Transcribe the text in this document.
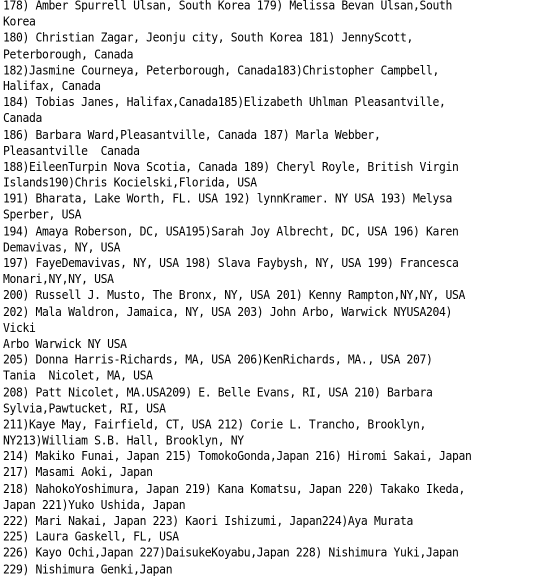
178) Amber Spurrell Ulsan, South Korea 179) Melissa Bevan Ulsan,South
Korea
180) Christian Zagar, Jeonju city, South Korea 181) JennyScott,
Peterborough, Canada
182)Jasmine Courneya, Peterborough, Canada183)Christopher Campbell,
Halifax, Canada
184) Tobias Janes, Halifax,Canada185)Elizabeth Uhlman Pleasantville,
Canada
186) Barbara Ward,Pleasantville, Canada 187) Marla Webber,
Pleasantville  Canada
188)EileenTurpin Nova Scotia, Canada 189) Cheryl Royle, British Virgin
Islands190)Chris Kocielski,Florida, USA
191) Bharata, Lake Worth, FL. USA 192) lynnKramer. NY USA 193) Melysa
Sperber, USA
194) Amaya Roberson, DC, USA195)Sarah Joy Albrecht, DC, USA 196) Karen
Demavivas, NY, USA
197) FayeDemavivas, NY, USA 198) Slava Faybysh, NY, USA 199) Francesca
Monari,NY,NY, USA
200) Russell J. Musto, The Bronx, NY, USA 201) Kenny Rampton,NY,NY, USA
202) Mala Waldron, Jamaica, NY, USA 203) John Arbo, Warwick NYUSA204)
Vicki
Arbo Warwick NY USA
205) Donna Harris-Richards, MA, USA 206)KenRichards, MA., USA 207)
Tania  Nicolet, MA, USA
208) Patt Nicolet, MA.USA209) E. Belle Evans, RI, USA 210) Barbara
Sylvia,Pawtucket, RI, USA
211)Kaye May, Fairfield, CT, USA 212) Corie L. Trancho, Brooklyn,
NY213)William S.B. Hall, Brooklyn, NY
214) Makiko Funai, Japan 215) TomokoGonda,Japan 216) Hiromi Sakai, Japan
217) Masami Aoki, Japan
218) NahokoYoshimura, Japan 219) Kana Komatsu, Japan 220) Takako Ikeda,
Japan 221)Yuko Ushida, Japan
222) Mari Nakai, Japan 223) Kaori Ishizumi, Japan224)Aya Murata
225) Laura Gaskell, FL, USA
226) Kayo Ochi,Japan 227)DaisukeKoyabu,Japan 228) Nishimura Yuki,Japan
229) Nishimura Genki,Japan
